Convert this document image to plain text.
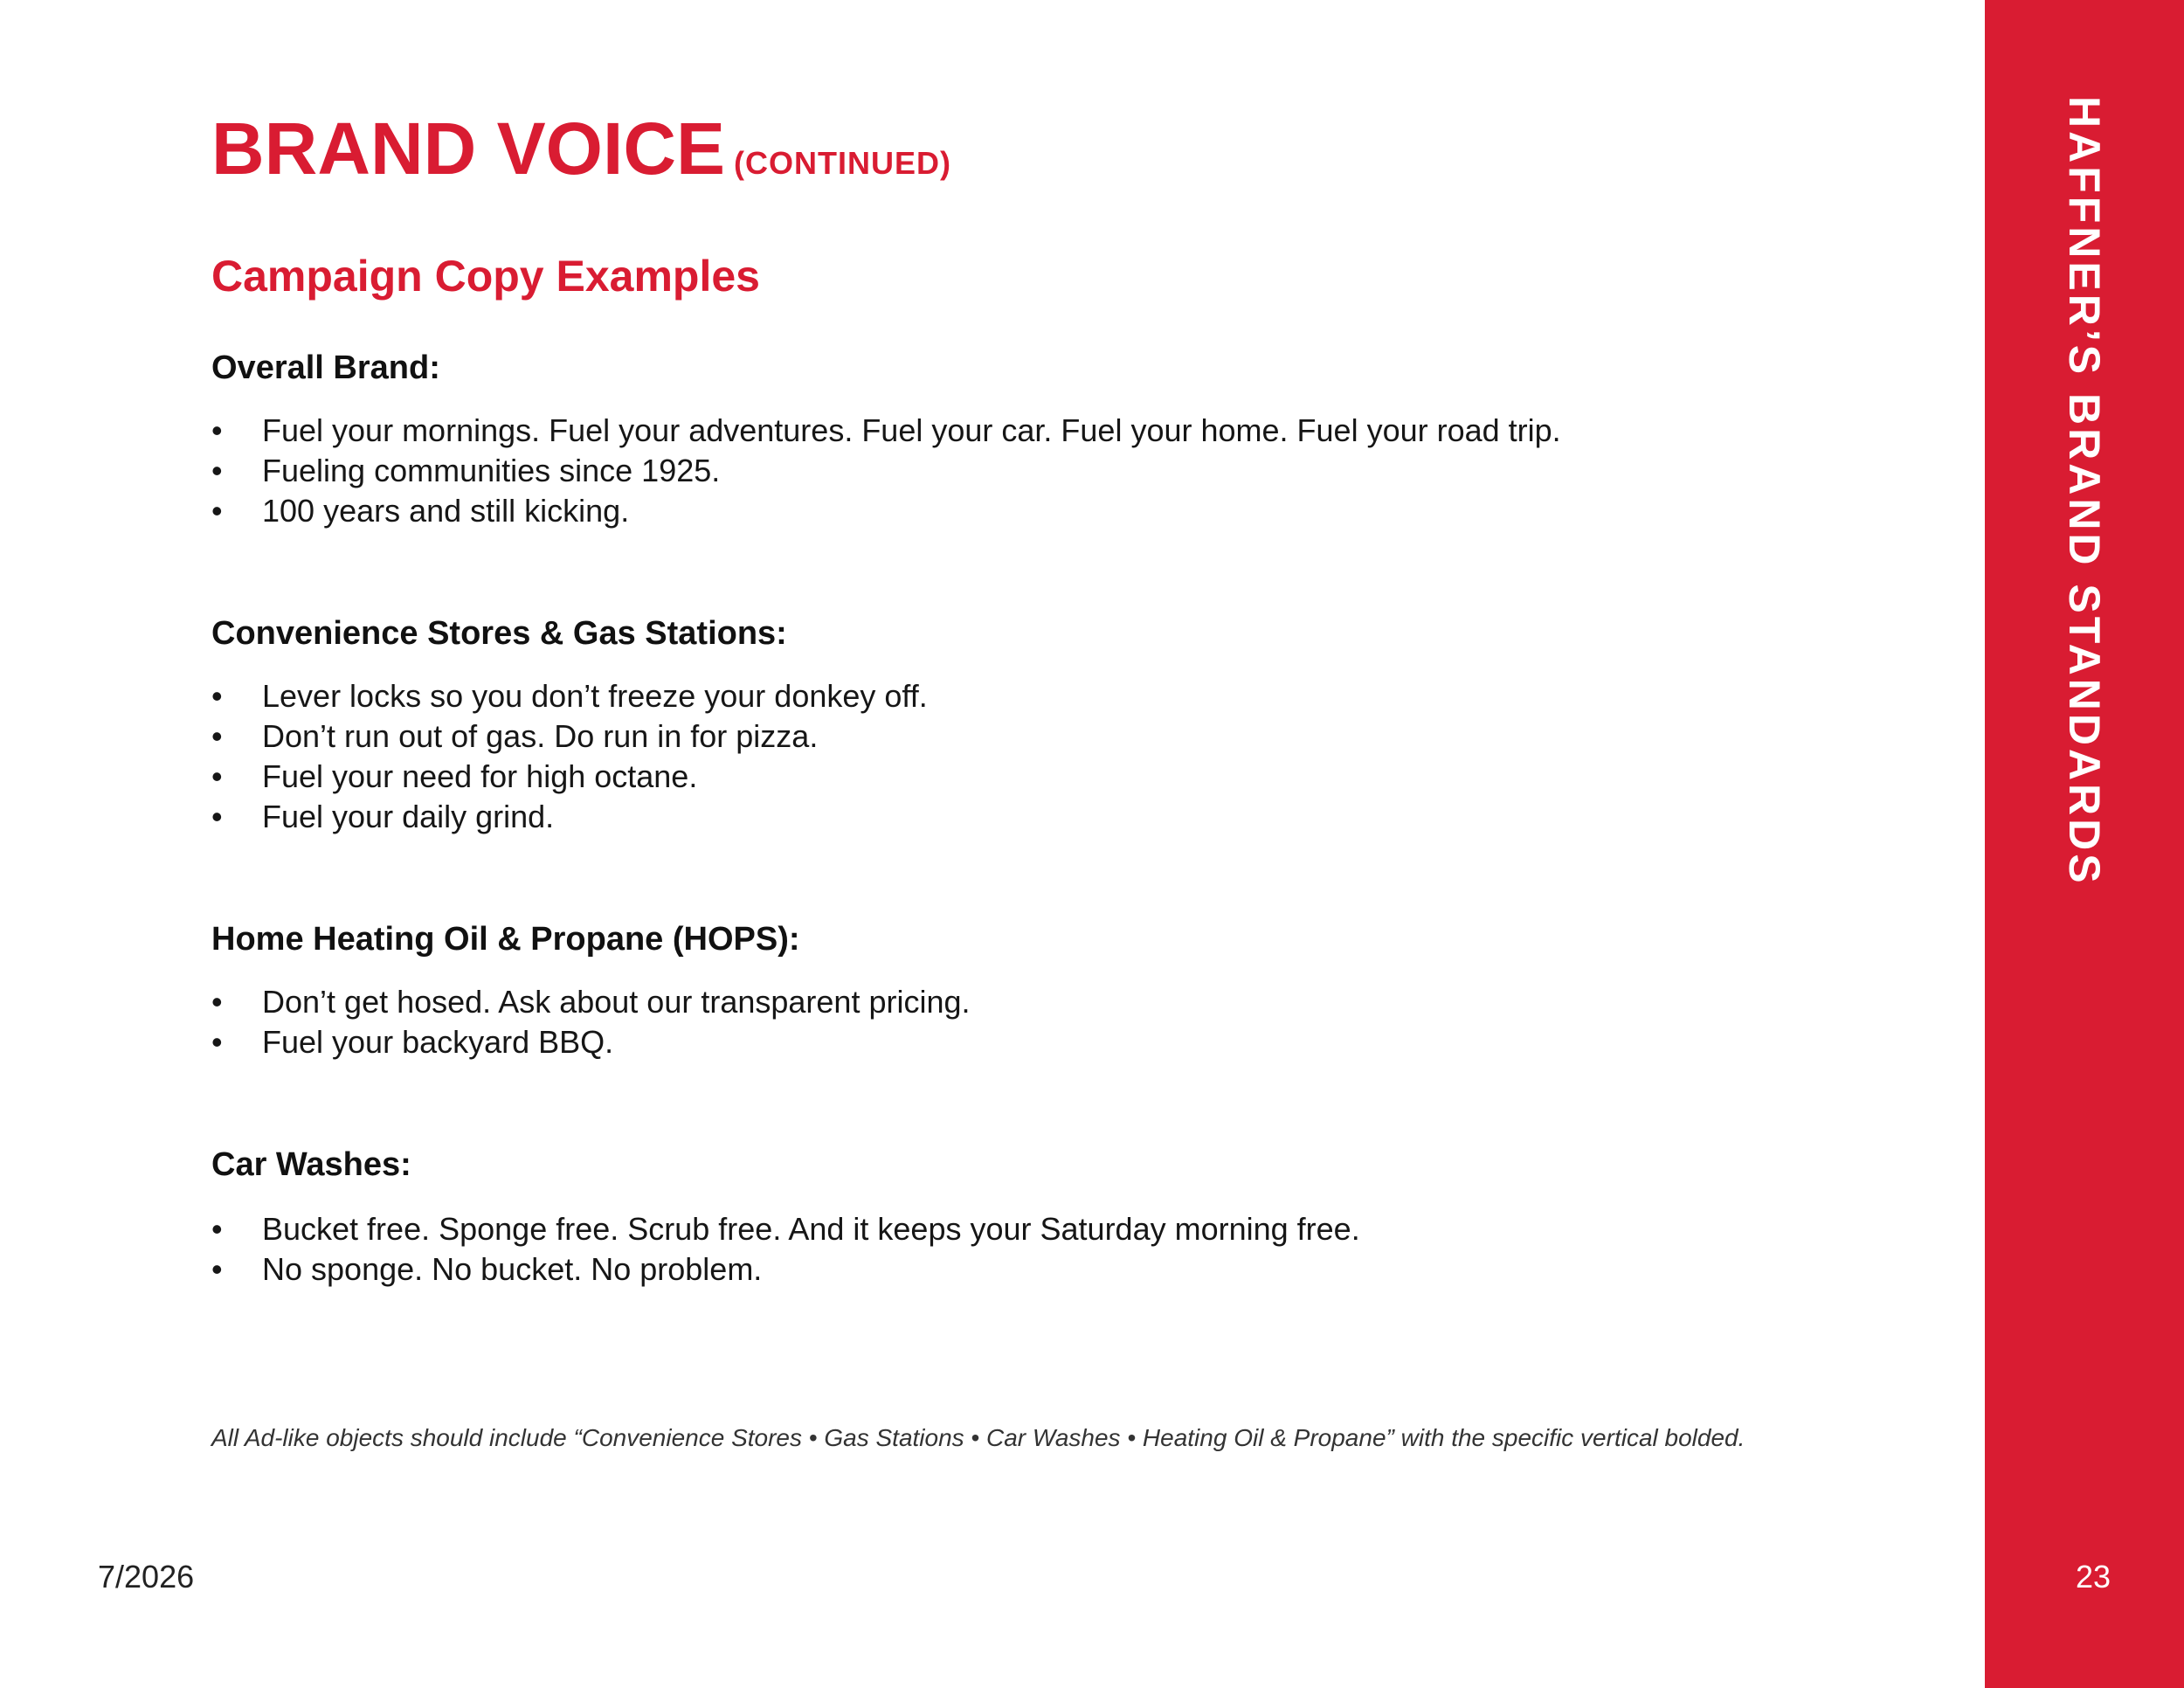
HAFFNER’S BRAND STANDARDS
BRAND VOICE (CONTINUED)
Campaign Copy Examples
Overall Brand:
• Fuel your mornings. Fuel your adventures. Fuel your car. Fuel your home. Fuel your road trip.
• Fueling communities since 1925.
• 100 years and still kicking.
Convenience Stores & Gas Stations:
• Lever locks so you don’t freeze your donkey off.
• Don’t run out of gas. Do run in for pizza.
• Fuel your need for high octane.
• Fuel your daily grind.
Home Heating Oil & Propane (HOPS):
• Don’t get hosed. Ask about our transparent pricing.
• Fuel your backyard BBQ.
Car Washes:
• Bucket free. Sponge free. Scrub free. And it keeps your Saturday morning free.
• No sponge. No bucket. No problem.
All Ad-like objects should include “Convenience Stores • Gas Stations • Car Washes • Heating Oil & Propane” with the specific vertical bolded.
7/2026	23
